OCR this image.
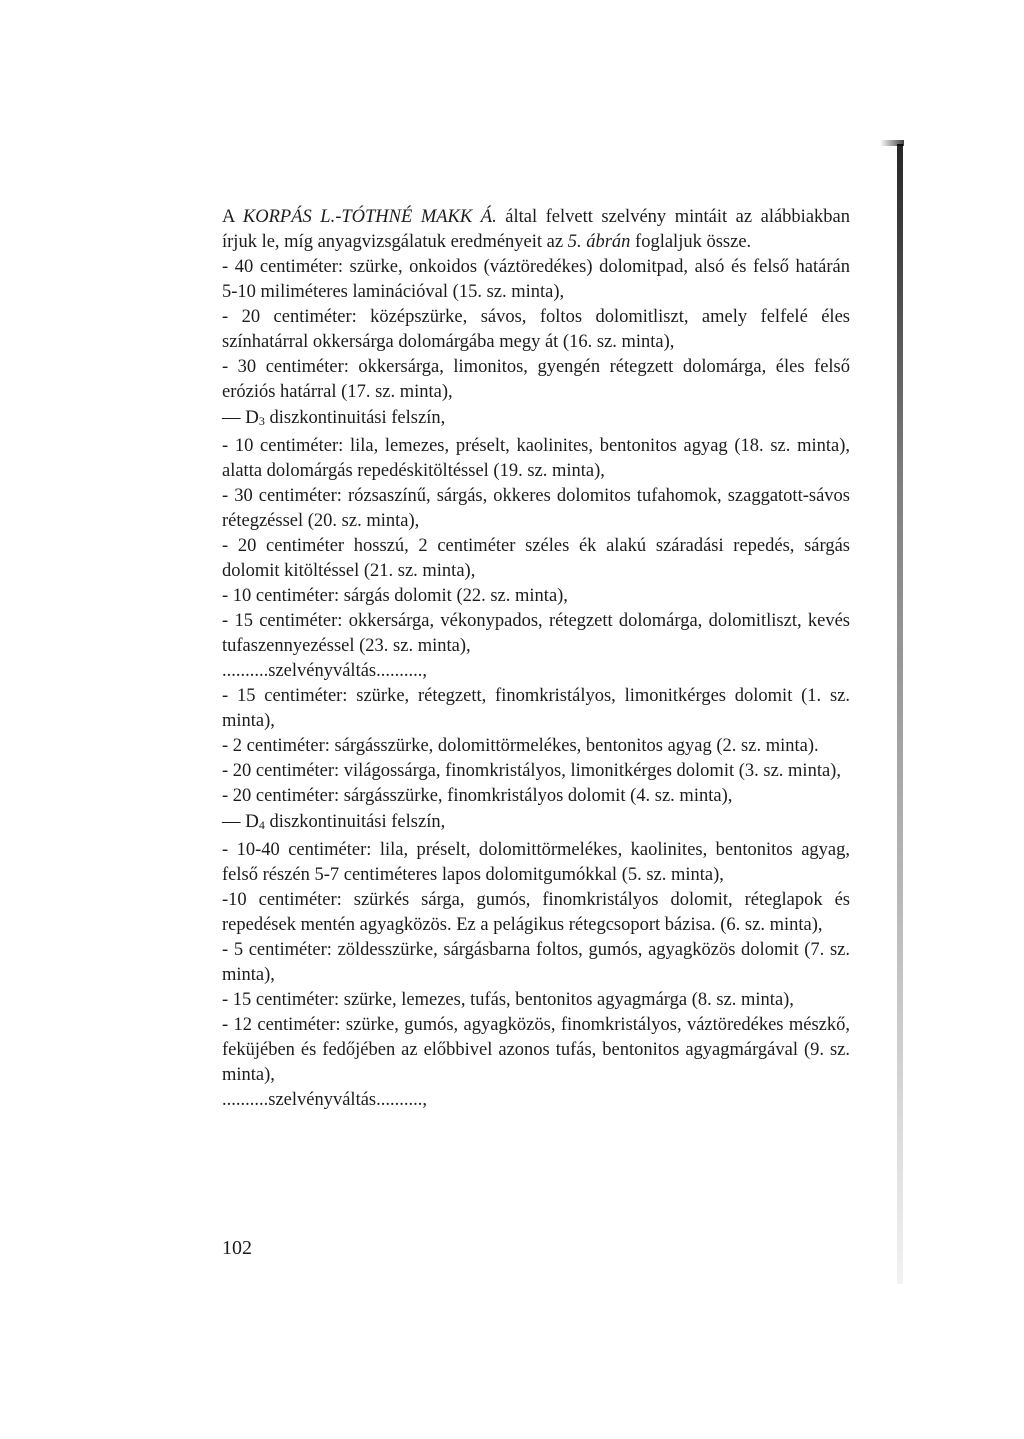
A KORPÁS L.-TÓTHNÉ MAKK Á. által felvett szelvény mintáit az alábbiakban írjuk le, míg anyagvizsgálatuk eredményeit az 5. ábrán foglaljuk össze.

- 40 centiméter: szürke, onkoidos (váztöredékes) dolomitpad, alsó és felső határán 5-10 miliméteres laminációval (15. sz. minta),

- 20 centiméter: középszürke, sávos, foltos dolomitliszt, amely felfelé éles színhatárral okkersárga dolomárgába megy át (16. sz. minta),

- 30 centiméter: okkersárga, limonitos, gyengén rétegzett dolomárga, éles felső eróziós határral (17. sz. minta),

— $D_3$ diszkontinuitási felszín,

- 10 centiméter: lila, lemezes, préselt, kaolinites, bentonitos agyag (18. sz. minta), alatta dolomárgás repedéskitöltéssel (19. sz. minta),

- 30 centiméter: rózsaszínű, sárgás, okkeres dolomitos tufahomok, szaggatott-sávos rétegzéssel (20. sz. minta),

- 20 centiméter hosszú, 2 centiméter széles ék alakú száradási repedés, sárgás dolomit kitöltéssel (21. sz. minta),

- 10 centiméter: sárgás dolomit (22. sz. minta),

- 15 centiméter: okkersárga, vékonypados, rétegzett dolomárga, dolomitliszt, kevés tufaszennyezéssel (23. sz. minta),

..........szelvényváltás..........,

- 15 centiméter: szürke, rétegzett, finomkristályos, limonitkérges dolomit (1. sz. minta),

- 2 centiméter: sárgásszürke, dolomittörmelékes, bentonitos agyag (2. sz. minta).

- 20 centiméter: világossárga, finomkristályos, limonitkérges dolomit (3. sz. minta),

- 20 centiméter: sárgásszürke, finomkristályos dolomit (4. sz. minta),

— $D_4$ diszkontinuitási felszín,

- 10-40 centiméter: lila, préselt, dolomittörmelékes, kaolinites, bentonitos agyag, felső részén 5-7 centiméteres lapos dolomitgumókkal (5. sz. minta),

-10 centiméter: szürkés sárga, gumós, finomkristályos dolomit, réteglapok és repedések mentén agyagközös. Ez a pelágikus rétegcsoport bázisa. (6. sz. minta),

- 5 centiméter: zöldesszürke, sárgásbarna foltos, gumós, agyagközös dolomit (7. sz. minta),

- 15 centiméter: szürke, lemezes, tufás, bentonitos agyagmárga (8. sz. minta),

- 12 centiméter: szürke, gumós, agyagközös, finomkristályos, váztöredékes mészkő, feküjében és fedőjében az előbbivel azonos tufás, bentonitos agyagmárgával (9. sz. minta),

..........szelvényváltás..........,

102
